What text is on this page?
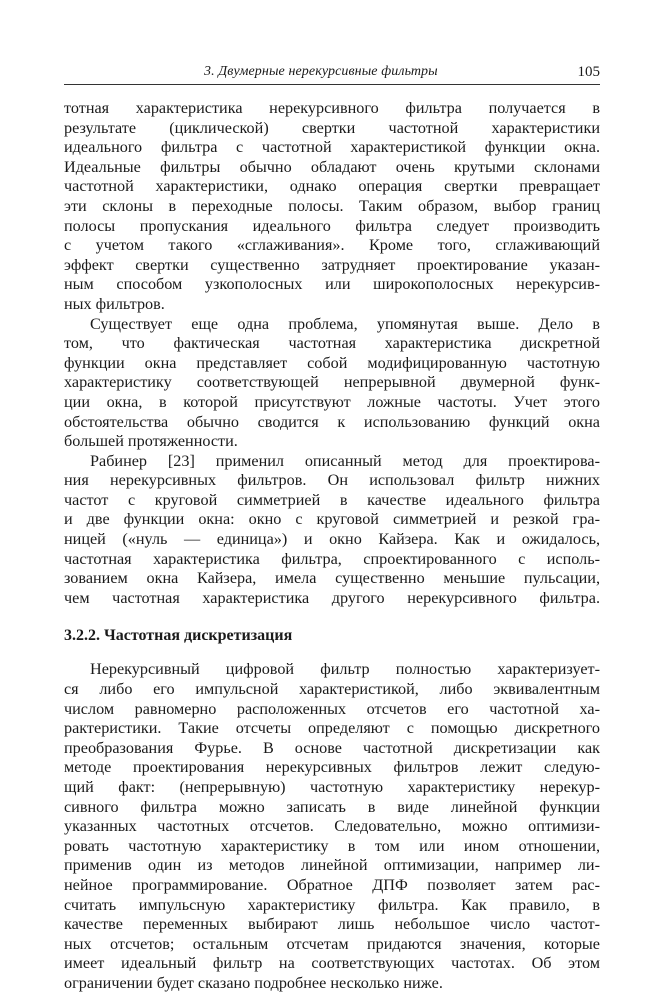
3. Двумерные нерекурсивные фильтры	105
тотная характеристика нерекурсивного фильтра получается в
результате (циклической) свертки частотной характеристики
идеального фильтра с частотной характеристикой функции окна.
Идеальные фильтры обычно обладают очень крутыми склонами
частотной характеристики, однако операция свертки превращает
эти склоны в переходные полосы. Таким образом, выбор границ
полосы пропускания идеального фильтра следует производить
с учетом такого «сглаживания». Кроме того, сглаживающий
эффект свертки существенно затрудняет проектирование указан-
ным способом узкополосных или широкополосных нерекурсив-
ных фильтров.
Существует еще одна проблема, упомянутая выше. Дело в
том, что фактическая частотная характеристика дискретной
функции окна представляет собой модифицированную частотную
характеристику соответствующей непрерывной двумерной функ-
ции окна, в которой присутствуют ложные частоты. Учет этого
обстоятельства обычно сводится к использованию функций окна
большей протяженности.
Рабинер [23] применил описанный метод для проектирова-
ния нерекурсивных фильтров. Он использовал фильтр нижних
частот с круговой симметрией в качестве идеального фильтра
и две функции окна: окно с круговой симметрией и резкой гра-
ницей («нуль — единица») и окно Кайзера. Как и ожидалось,
частотная характеристика фильтра, спроектированного с исполь-
зованием окна Кайзера, имела существенно меньшие пульсации,
чем частотная характеристика другого нерекурсивного фильтра.
3.2.2. Частотная дискретизация
Нерекурсивный цифровой фильтр полностью характеризует-
ся либо его импульсной характеристикой, либо эквивалентным
числом равномерно расположенных отсчетов его частотной ха-
рактеристики. Такие отсчеты определяют с помощью дискретного
преобразования Фурье. В основе частотной дискретизации как
методе проектирования нерекурсивных фильтров лежит следую-
щий факт: (непрерывную) частотную характеристику нерекур-
сивного фильтра можно записать в виде линейной функции
указанных частотных отсчетов. Следовательно, можно оптимизи-
ровать частотную характеристику в том или ином отношении,
применив один из методов линейной оптимизации, например ли-
нейное программирование. Обратное ДПФ позволяет затем рас-
считать импульсную характеристику фильтра. Как правило, в
качестве переменных выбирают лишь небольшое число частот-
ных отсчетов; остальным отсчетам придаются значения, которые
имеет идеальный фильтр на соответствующих частотах. Об этом
ограничении будет сказано подробнее несколько ниже.
